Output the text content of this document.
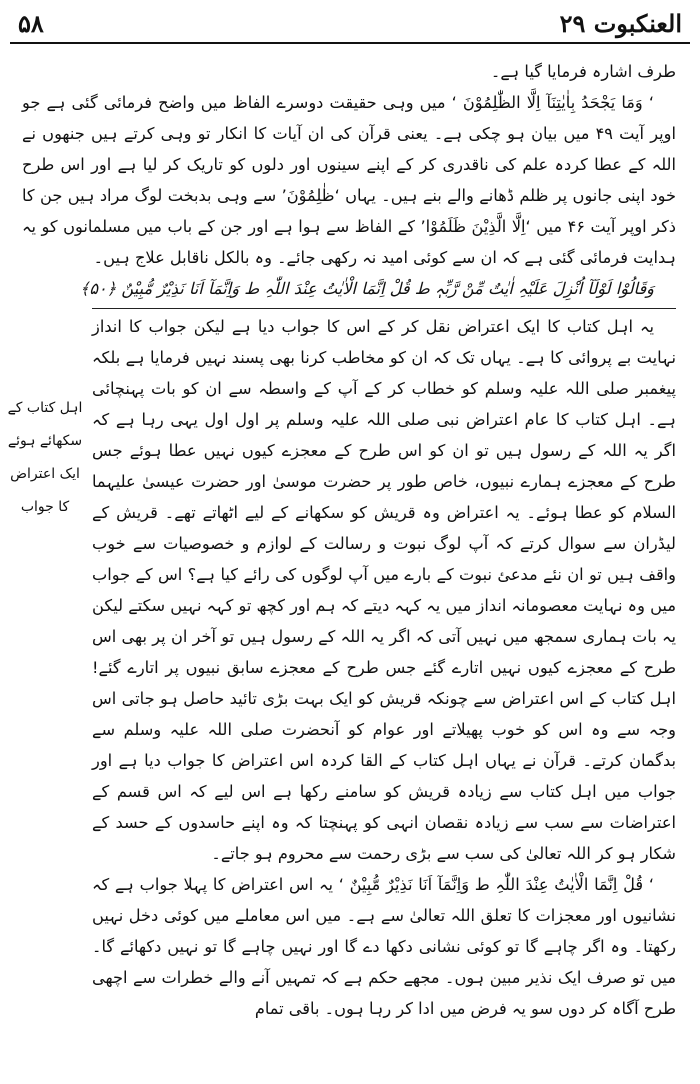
۵۸	العنکبوت ۲۹

طرف اشارہ فرمایا گیا ہے۔

‘ وَمَا یَجْحَدُ بِاٰیٰتِنَآ اِلَّا الظّٰلِمُوْنَ ‘ میں وہی حقیقت دوسرے الفاظ میں واضح فرمائی گئی ہے جو اوپر آیت ۴۹ میں بیان ہو چکی ہے۔ یعنی قرآن کی ان آیات کا انکار تو وہی کرتے ہیں جنھوں نے اللہ کے عطا کردہ علم کی ناقدری کر کے اپنے سینوں اور دلوں کو تاریک کر لیا ہے اور اس طرح خود اپنی جانوں پر ظلم ڈھانے والے بنے ہیں۔ یہاں ‘ظٰلِمُوْنَ’ سے وہی بدبخت لوگ مراد ہیں جن کا ذکر اوپر آیت ۴۶ میں ‘اِلَّا الَّذِیْنَ ظَلَمُوْا’ کے الفاظ سے ہوا ہے اور جن کے باب میں مسلمانوں کو یہ ہدایت فرمائی گئی ہے کہ ان سے کوئی امید نہ رکھی جائے۔ وہ بالکل ناقابل علاج ہیں۔

وَقَالُوْا لَوْلَآ اُنْزِلَ عَلَیْہِ اٰیٰتٌ مِّنْ رَّبِّہٖ ط قُلْ اِنَّمَا الْاٰیٰتُ عِنْدَ اللّٰہِ ط وَاِنَّمَآ اَنَا نَذِیْرٌ مُّبِیْنٌ ﴿۵۰﴾

یہ اہل کتاب کا ایک اعتراض نقل کر کے اس کا جواب دیا ہے لیکن جواب کا انداز نہایت بے پروائی کا ہے۔ یہاں تک کہ ان کو مخاطب کرنا بھی پسند نہیں فرمایا ہے بلکہ پیغمبر صلی اللہ علیہ وسلم کو خطاب کر کے آپ کے واسطہ سے ان کو بات پہنچائی ہے۔ اہل کتاب کا عام اعتراض نبی صلی اللہ علیہ وسلم پر اول اول یہی رہا ہے کہ اگر یہ اللہ کے رسول ہیں تو ان کو اس طرح کے معجزے کیوں نہیں عطا ہوئے جس طرح کے معجزے ہمارے نبیوں، خاص طور پر حضرت موسیٰ اور حضرت عیسیٰ علیہما السلام کو عطا ہوئے۔ یہ اعتراض وہ قریش کو سکھانے کے لیے اٹھاتے تھے۔ قریش کے لیڈران سے سوال کرتے کہ آپ لوگ نبوت و رسالت کے لوازم و خصوصیات سے خوب واقف ہیں تو ان نئے مدعئ نبوت کے بارے میں آپ لوگوں کی رائے کیا ہے؟ اس کے جواب میں وہ نہایت معصومانہ انداز میں یہ کہہ دیتے کہ ہم اور کچھ تو کہہ نہیں سکتے لیکن یہ بات ہماری سمجھ میں نہیں آتی کہ اگر یہ اللہ کے رسول ہیں تو آخر ان پر بھی اس طرح کے معجزے کیوں نہیں اتارے گئے جس طرح کے معجزے سابق نبیوں پر اتارے گئے! اہل کتاب کے اس اعتراض سے چونکہ قریش کو ایک بہت بڑی تائید حاصل ہو جاتی اس وجہ سے وہ اس کو خوب پھیلاتے اور عوام کو آنحضرت صلی اللہ علیہ وسلم سے بدگمان کرتے۔ قرآن نے یہاں اہل کتاب کے القا کردہ اس اعتراض کا جواب دیا ہے اور جواب میں اہل کتاب سے زیادہ قریش کو سامنے رکھا ہے اس لیے کہ اس قسم کے اعتراضات سے سب سے زیادہ نقصان انہی کو پہنچتا کہ وہ اپنے حاسدوں کے حسد کے شکار ہو کر اللہ تعالیٰ کی سب سے بڑی رحمت سے محروم ہو جاتے۔

‘ قُلْ اِنَّمَا الْاٰیٰتُ عِنْدَ اللّٰہِ ط وَاِنَّمَآ اَنَا نَذِیْرٌ مُّبِیْنٌ ‘ یہ اس اعتراض کا پہلا جواب ہے کہ نشانیوں اور معجزات کا تعلق اللہ تعالیٰ سے ہے۔ میں اس معاملے میں کوئی دخل نہیں رکھتا۔ وہ اگر چاہے گا تو کوئی نشانی دکھا دے گا اور نہیں چاہے گا تو نہیں دکھائے گا۔ میں تو صرف ایک نذیر مبین ہوں۔ مجھے حکم ہے کہ تمہیں آنے والے خطرات سے اچھی طرح آگاہ کر دوں سو یہ فرض میں ادا کر رہا ہوں۔ باقی تمام

اہل کتاب کے
سکھائے ہوئے
ایک اعتراض
کا جواب
